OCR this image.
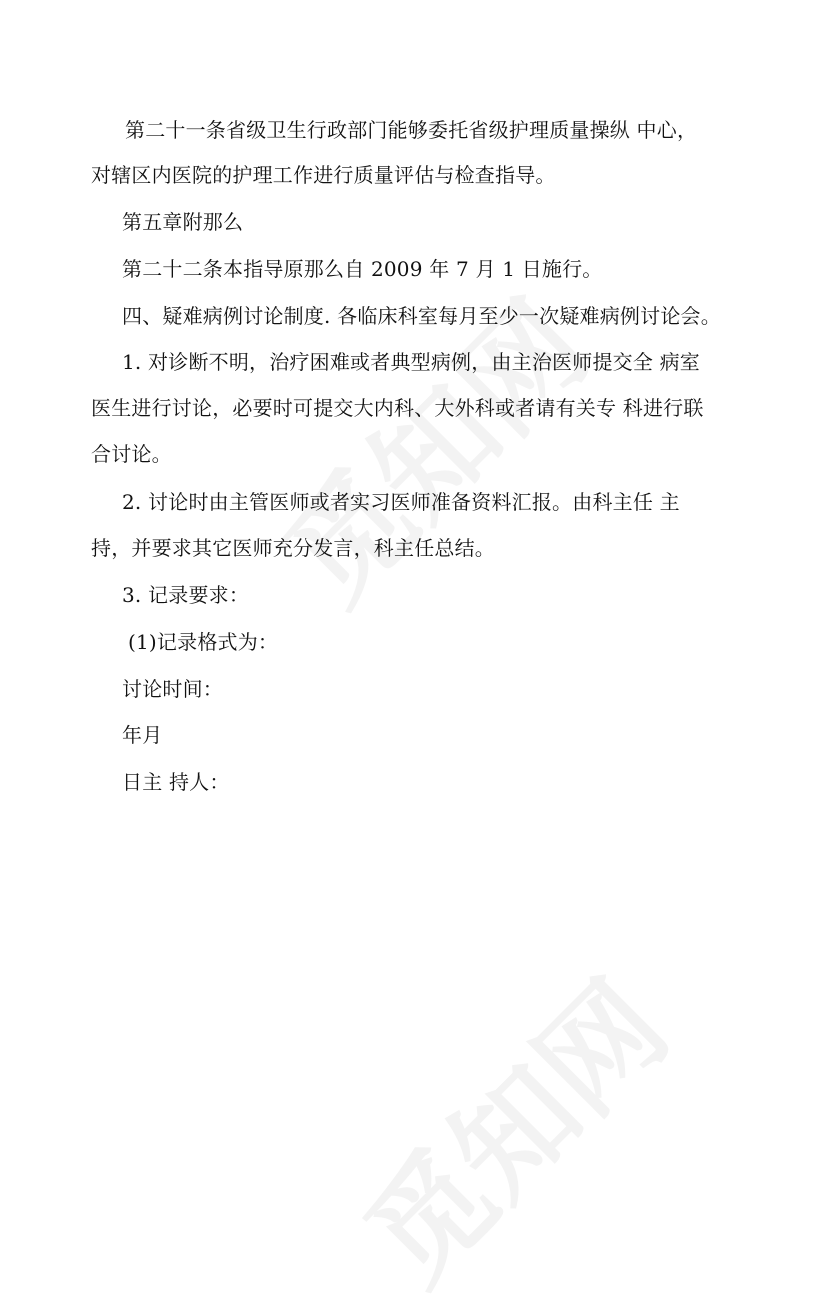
第二十一条省级卫生行政部门能够委托省级护理质量操纵 中心，
对辖区内医院的护理工作进行质量评估与检查指导。
第五章附那么
第二十二条本指导原那么自 2009 年 7 月 1 日施行。
四、疑难病例讨论制度. 各临床科室每月至少一次疑难病例讨论会。
1. 对诊断不明，治疗困难或者典型病例，由主治医师提交全 病室
医生进行讨论，必要时可提交大内科、大外科或者请有关专 科进行联
合讨论。
2. 讨论时由主管医师或者实习医师准备资料汇报。由科主任 主
持，并要求其它医师充分发言，科主任总结。
3. 记录要求：
(1)记录格式为：
讨论时间：
年月
日主 持人：
